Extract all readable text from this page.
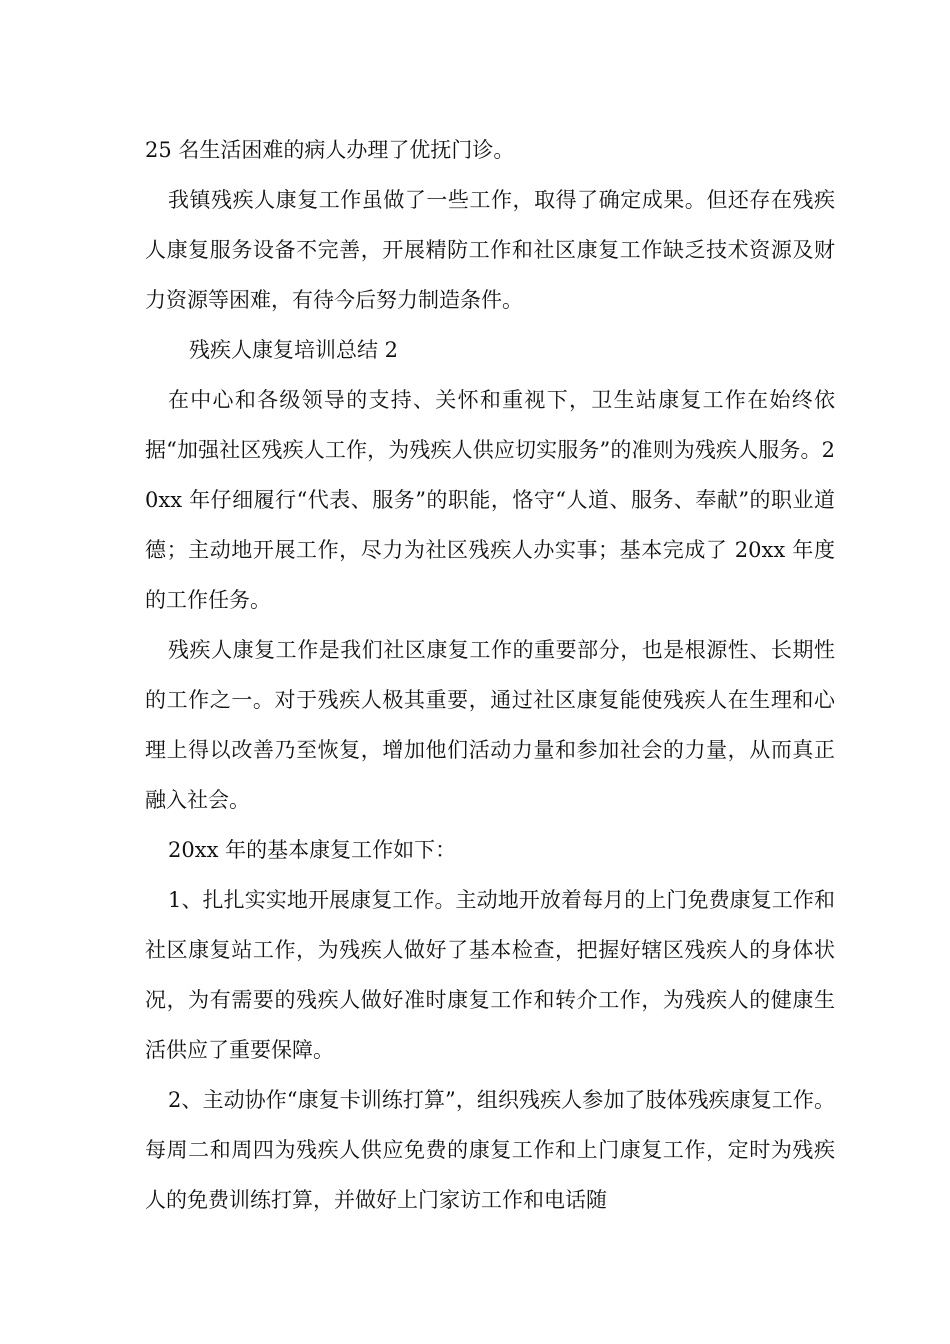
25 名生活困难的病人办理了优抚门诊。

我镇残疾人康复工作虽做了一些工作，取得了确定成果。但还存在残疾人康复服务设备不完善，开展精防工作和社区康复工作缺乏技术资源及财力资源等困难，有待今后努力制造条件。

残疾人康复培训总结 2

在中心和各级领导的支持、关怀和重视下，卫生站康复工作在始终依据“加强社区残疾人工作，为残疾人供应切实服务”的准则为残疾人服务。20xx 年仔细履行“代表、服务”的职能，恪守“人道、服务、奉献”的职业道德；主动地开展工作，尽力为社区残疾人办实事；基本完成了 20xx 年度的工作任务。

残疾人康复工作是我们社区康复工作的重要部分，也是根源性、长期性的工作之一。对于残疾人极其重要，通过社区康复能使残疾人在生理和心理上得以改善乃至恢复，增加他们活动力量和参加社会的力量，从而真正融入社会。

20xx 年的基本康复工作如下：

1、扎扎实实地开展康复工作。主动地开放着每月的上门免费康复工作和社区康复站工作，为残疾人做好了基本检查，把握好辖区残疾人的身体状况，为有需要的残疾人做好准时康复工作和转介工作，为残疾人的健康生活供应了重要保障。

2、主动协作“康复卡训练打算”，组织残疾人参加了肢体残疾康复工作。每周二和周四为残疾人供应免费的康复工作和上门康复工作，定时为残疾人的免费训练打算，并做好上门家访工作和电话随
